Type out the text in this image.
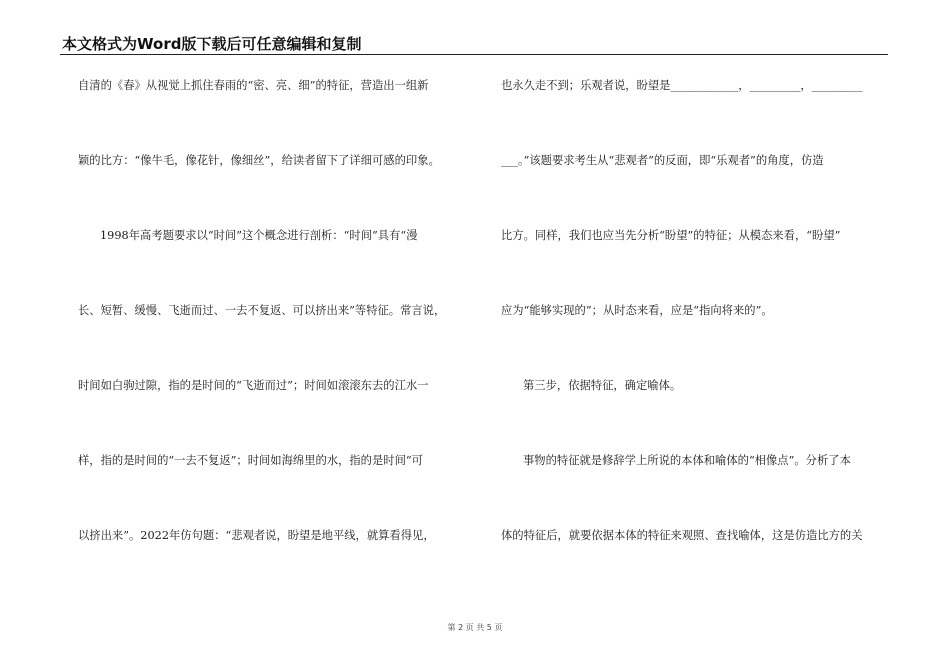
本文格式为Word版下载后可任意编辑和复制
自清的《春》从视觉上抓住春雨的“密、亮、细”的特征，营造出一组新
颖的比方：“像牛毛，像花针，像细丝”，给读者留下了详细可感的印象。
1998年高考题要求以“时间”这个概念进行剖析：“时间”具有“漫
长、短暂、缓慢、飞逝而过、一去不复返、可以挤出来”等特征。常言说，
时间如白驹过隙，指的是时间的“飞逝而过”；时间如滚滚东去的江水一
样，指的是时间的“一去不复返”；时间如海绵里的水，指的是时间“可
以挤出来”。2022年仿句题：“悲观者说，盼望是地平线，就算看得见，
也永久走不到；乐观者说，盼望是____________，_________，_________
___。”该题要求考生从“悲观者”的反面，即“乐观者”的角度，仿造
比方。同样，我们也应当先分析“盼望”的特征；从模态来看，“盼望”
应为“能够实现的”；从时态来看，应是“指向将来的”。
第三步，依据特征，确定喻体。
事物的特征就是修辞学上所说的本体和喻体的“相像点”。分析了本
体的特征后，就要依据本体的特征来观照、查找喻体，这是仿造比方的关
第 2 页 共 5 页
